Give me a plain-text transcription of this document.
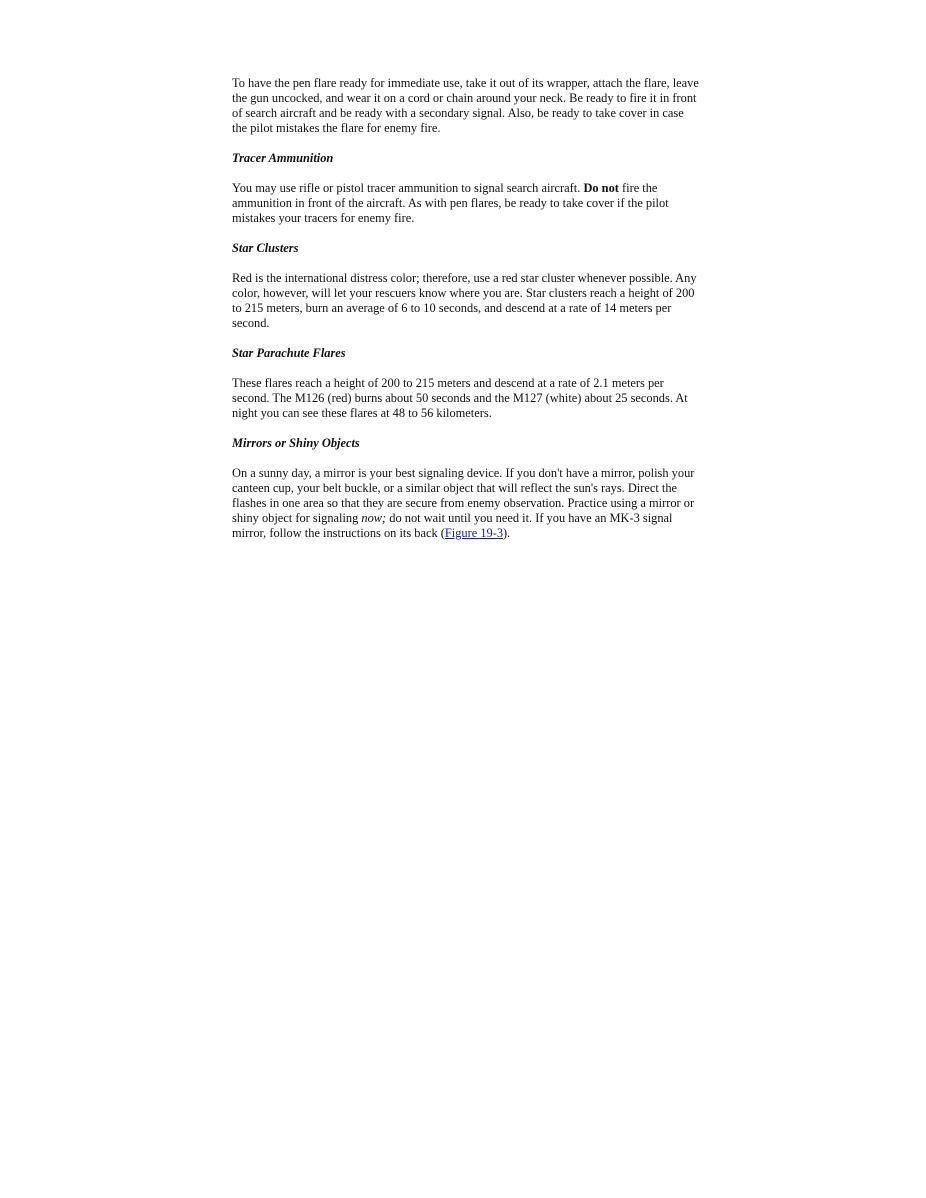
To have the pen flare ready for immediate use, take it out of its wrapper, attach the flare, leave the gun uncocked, and wear it on a cord or chain around your neck. Be ready to fire it in front of search aircraft and be ready with a secondary signal. Also, be ready to take cover in case the pilot mistakes the flare for enemy fire.

Tracer Ammunition

You may use rifle or pistol tracer ammunition to signal search aircraft. Do not fire the ammunition in front of the aircraft. As with pen flares, be ready to take cover if the pilot mistakes your tracers for enemy fire.

Star Clusters

Red is the international distress color; therefore, use a red star cluster whenever possible. Any color, however, will let your rescuers know where you are. Star clusters reach a height of 200 to 215 meters, burn an average of 6 to 10 seconds, and descend at a rate of 14 meters per second.

Star Parachute Flares

These flares reach a height of 200 to 215 meters and descend at a rate of 2.1 meters per second. The M126 (red) burns about 50 seconds and the M127 (white) about 25 seconds. At night you can see these flares at 48 to 56 kilometers.

Mirrors or Shiny Objects

On a sunny day, a mirror is your best signaling device. If you don't have a mirror, polish your canteen cup, your belt buckle, or a similar object that will reflect the sun's rays. Direct the flashes in one area so that they are secure from enemy observation. Practice using a mirror or shiny object for signaling now; do not wait until you need it. If you have an MK-3 signal mirror, follow the instructions on its back (Figure 19-3).
